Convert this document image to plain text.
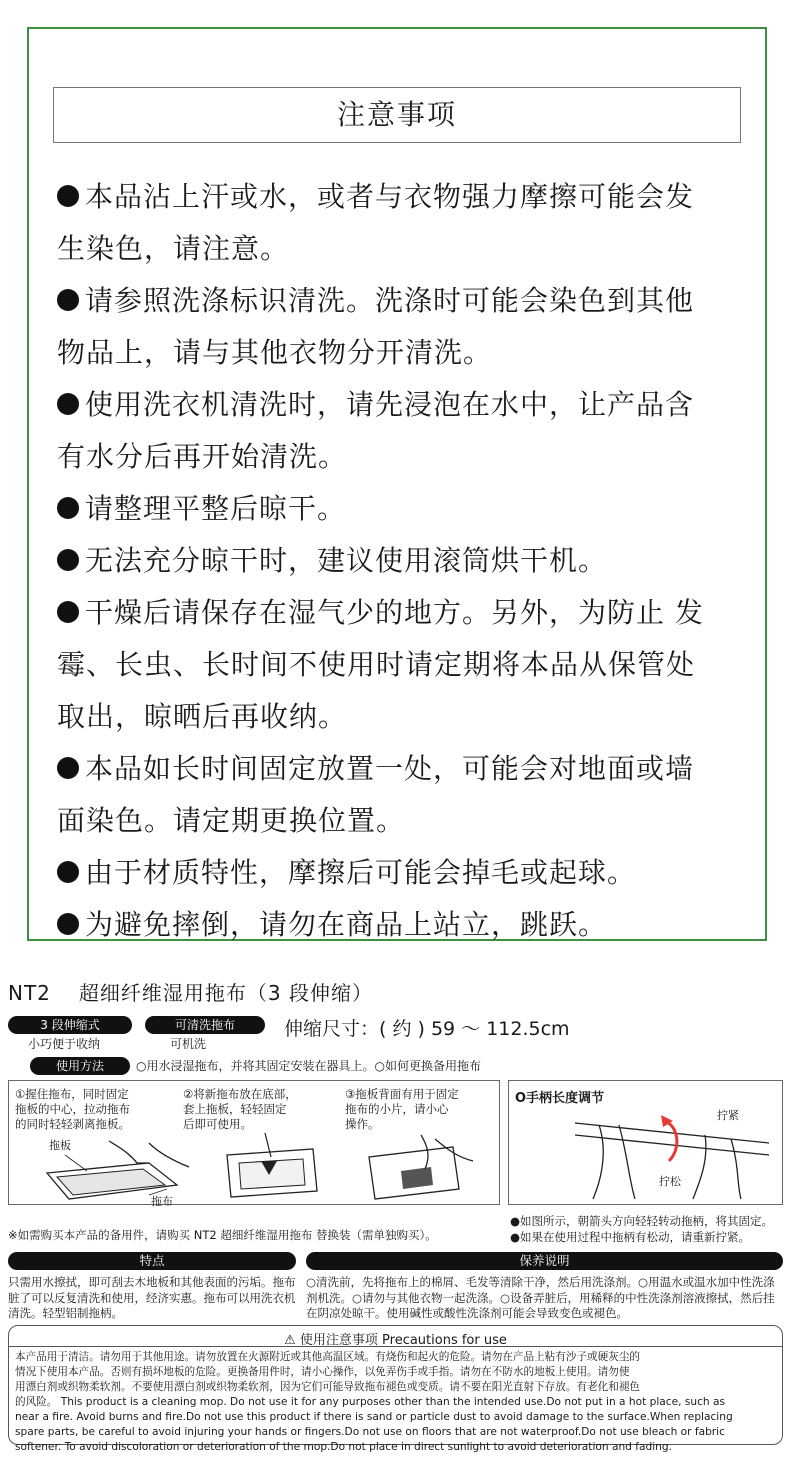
注意事项
本品沾上汗或水，或者与衣物强力摩擦可能会发
生染色，请注意。
请参照洗涤标识清洗。洗涤时可能会染色到其他
物品上，请与其他衣物分开清洗。
使用洗衣机清洗时，请先浸泡在水中，让产品含
有水分后再开始清洗。
请整理平整后晾干。
无法充分晾干时，建议使用滚筒烘干机。
干燥后请保存在湿气少的地方。另外，为防止 发
霉、长虫、长时间不使用时请定期将本品从保管处
取出，晾晒后再收纳。
本品如长时间固定放置一处，可能会对地面或墙
面染色。请定期更换位置。
由于材质特性，摩擦后可能会掉毛或起球。
为避免摔倒，请勿在商品上站立，跳跃。
NT2 超细纤维湿用拖布（3 段伸缩）
3 段伸缩式
小巧便于收纳
可清洗拖布
可机洗
伸缩尺寸：( 约 ) 59 ～ 112.5cm
使用方法	○用水浸湿拖布，并将其固定安装在器具上。○如何更换备用拖布
①握住拖布，同时固定
拖板的中心，拉动拖布
的同时轻轻剥离拖板。
②将新拖布放在底部，
套上拖板，轻轻固定
后即可使用。
③拖板背面有用于固定
拖布的小片，请小心
操作。
拖板
拖布
O手柄长度调节
拧紧
拧松
※如需购买本产品的备用件，请购买 NT2 超细纤维湿用拖布 替换装（需单独购买）。
●如图所示，朝箭头方向轻轻转动拖柄，将其固定。
●如果在使用过程中拖柄有松动，请重新拧紧。
特点
只需用水擦拭，即可刮去木地板和其他表面的污垢。拖布脏了可以反复清洗和使用，经济实惠。拖布可以用洗衣机清洗。轻型铝制拖柄。
保养说明
○清洗前，先将拖布上的棉屑、毛发等清除干净，然后用洗涤剂。○用温水或温水加中性洗涤剂机洗。○请勿与其他衣物一起洗涤。○设备弄脏后，用稀释的中性洗涤剂溶液擦拭，然后挂在阴凉处晾干。使用碱性或酸性洗涤剂可能会导致变色或褪色。
⚠ 使用注意事项 Precautions for use
本产品用于清洁。请勿用于其他用途。请勿放置在火源附近或其他高温区域。有烧伤和起火的危险。请勿在产品上粘有沙子或硬灰尘的
情况下使用本产品。否则有损坏地板的危险。更换备用件时，请小心操作，以免弄伤手或手指。请勿在不防水的地板上使用。请勿使
用漂白剂或织物柔软剂。不要使用漂白剂或织物柔软剂，因为它们可能导致拖布褪色或变质。请不要在阳光直射下存放。有老化和褪色
的风险。 This product is a cleaning mop. Do not use it for any purposes other than the intended use.Do not put in a hot place, such as
near a fire. Avoid burns and fire.Do not use this product if there is sand or particle dust to avoid damage to the surface.When replacing
spare parts, be careful to avoid injuring your hands or fingers.Do not use on floors that are not waterproof.Do not use bleach or fabric
softener. To avoid discoloration or deterioration of the mop.Do not place in direct sunlight to avoid deterioration and fading.
